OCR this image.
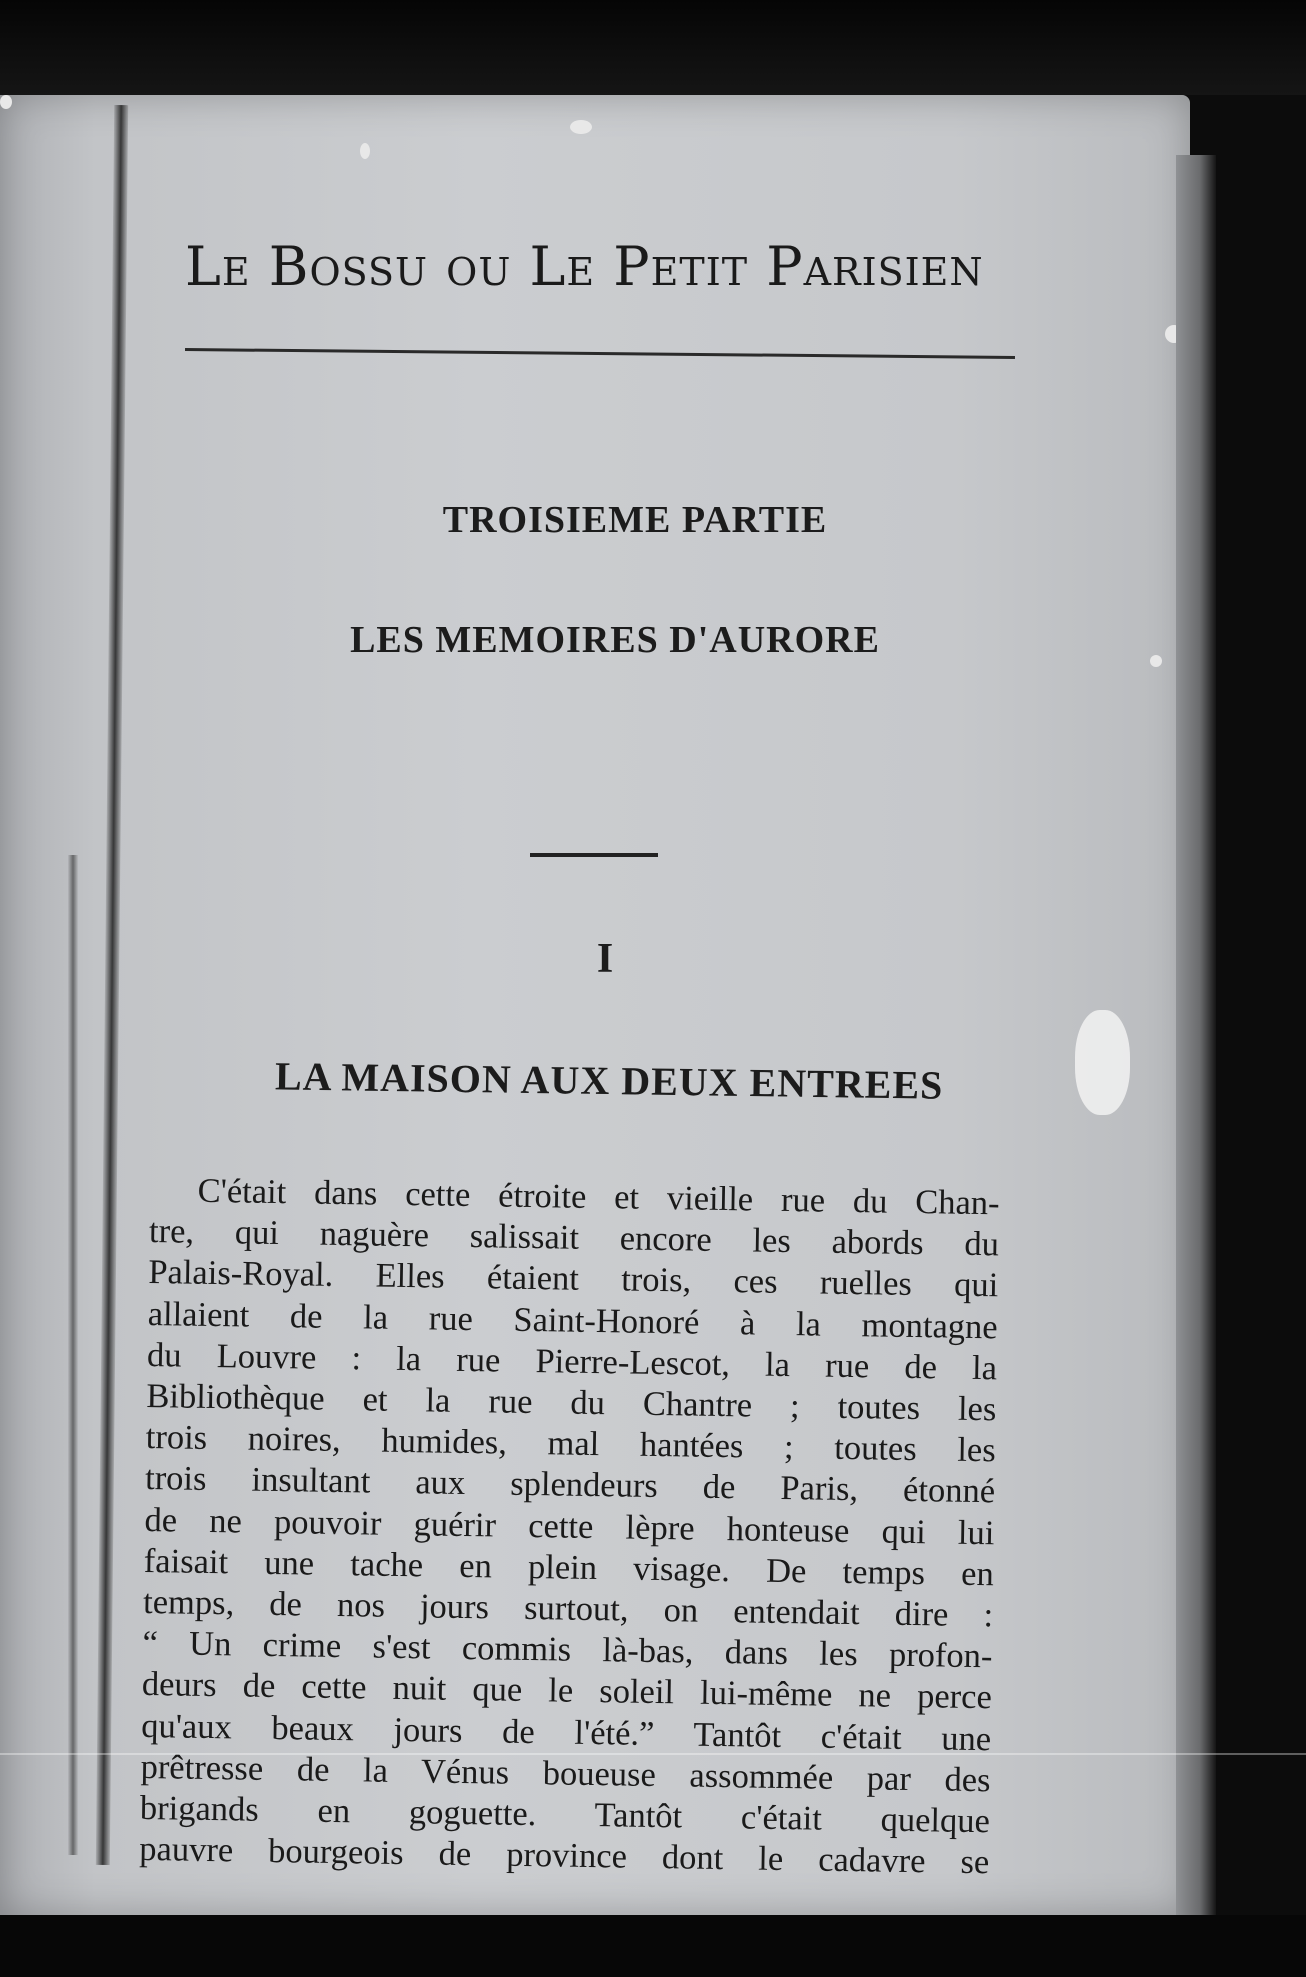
Le Bossu ou Le Petit Parisien
TROISIEME PARTIE
LES MEMOIRES D'AURORE
I
LA MAISON AUX DEUX ENTREES
C'était dans cette étroite et vieille rue du Chan-
tre, qui naguère salissait encore les abords du
Palais-Royal. Elles étaient trois, ces ruelles qui
allaient de la rue Saint-Honoré à la montagne
du Louvre : la rue Pierre-Lescot, la rue de la
Bibliothèque et la rue du Chantre ; toutes les
trois noires, humides, mal hantées ; toutes les
trois insultant aux splendeurs de Paris, étonné
de ne pouvoir guérir cette lèpre honteuse qui lui
faisait une tache en plein visage. De temps en
temps, de nos jours surtout, on entendait dire :
“ Un crime s'est commis là-bas, dans les profon-
deurs de cette nuit que le soleil lui-même ne perce
qu'aux beaux jours de l'été.” Tantôt c'était une
prêtresse de la Vénus boueuse assommée par des
brigands en goguette. Tantôt c'était quelque
pauvre bourgeois de province dont le cadavre se
